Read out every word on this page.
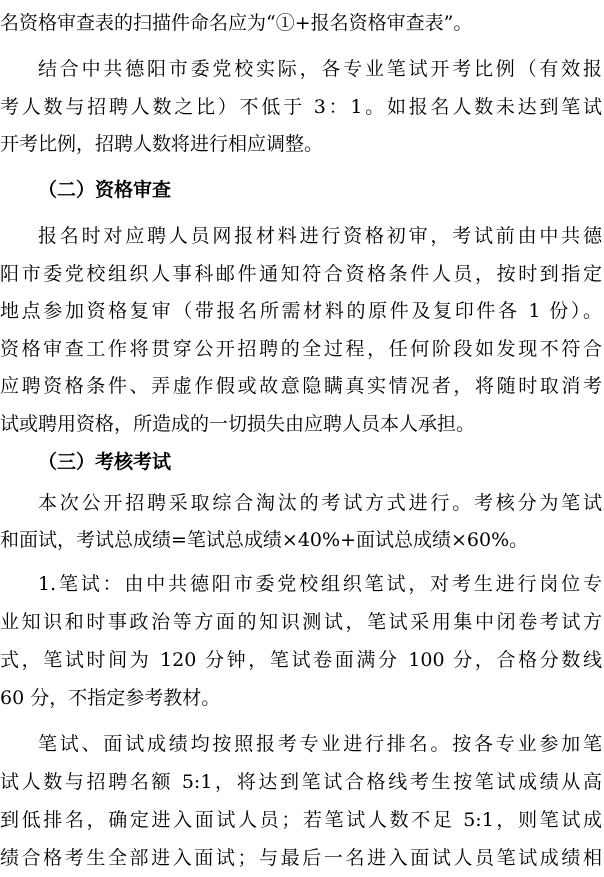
名资格审查表的扫描件命名应为“①+报名资格审查表”。
结合中共德阳市委党校实际，各专业笔试开考比例（有效报
考人数与招聘人数之比）不低于 3：1。如报名人数未达到笔试
开考比例，招聘人数将进行相应调整。
（二）资格审查
报名时对应聘人员网报材料进行资格初审，考试前由中共德
阳市委党校组织人事科邮件通知符合资格条件人员，按时到指定
地点参加资格复审（带报名所需材料的原件及复印件各 1 份）。
资格审查工作将贯穿公开招聘的全过程，任何阶段如发现不符合
应聘资格条件、弄虚作假或故意隐瞒真实情况者，将随时取消考
试或聘用资格，所造成的一切损失由应聘人员本人承担。
（三）考核考试
本次公开招聘采取综合淘汰的考试方式进行。考核分为笔试
和面试，考试总成绩=笔试总成绩×40%+面试总成绩×60%。
1.笔试：由中共德阳市委党校组织笔试，对考生进行岗位专
业知识和时事政治等方面的知识测试，笔试采用集中闭卷考试方
式，笔试时间为 120 分钟，笔试卷面满分 100 分，合格分数线
60 分，不指定参考教材。
笔试、面试成绩均按照报考专业进行排名。按各专业参加笔
试人数与招聘名额 5:1，将达到笔试合格线考生按笔试成绩从高
到低排名，确定进入面试人员；若笔试人数不足 5:1，则笔试成
绩合格考生全部进入面试；与最后一名进入面试人员笔试成绩相
